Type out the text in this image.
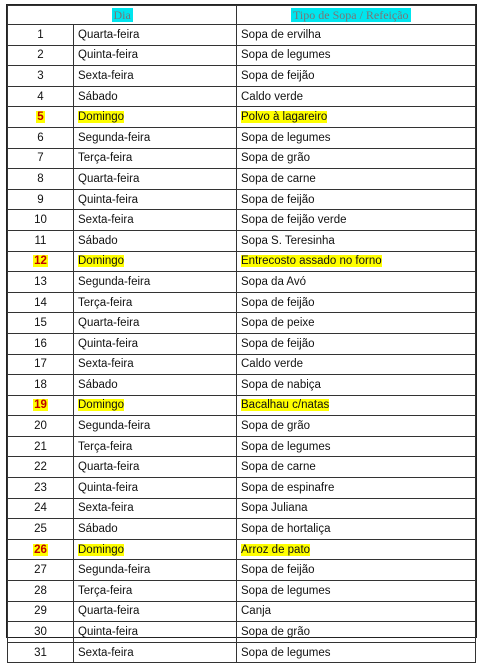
	Dia	Tipo de Sopa / Refeição
1	Quarta-feira	Sopa de ervilha
2	Quinta-feira	Sopa de legumes
3	Sexta-feira	Sopa de feijão
4	Sábado	Caldo verde
5	Domingo	Polvo à lagareiro
6	Segunda-feira	Sopa de legumes
7	Terça-feira	Sopa de grão
8	Quarta-feira	Sopa de carne
9	Quinta-feira	Sopa de feijão
10	Sexta-feira	Sopa de feijão verde
11	Sábado	Sopa S. Teresinha
12	Domingo	Entrecosto assado no forno
13	Segunda-feira	Sopa da Avó
14	Terça-feira	Sopa de feijão
15	Quarta-feira	Sopa de peixe
16	Quinta-feira	Sopa de feijão
17	Sexta-feira	Caldo verde
18	Sábado	Sopa de nabiça
19	Domingo	Bacalhau c/natas
20	Segunda-feira	Sopa de grão
21	Terça-feira	Sopa de legumes
22	Quarta-feira	Sopa de carne
23	Quinta-feira	Sopa de espinafre
24	Sexta-feira	Sopa Juliana
25	Sábado	Sopa de hortaliça
26	Domingo	Arroz de pato
27	Segunda-feira	Sopa de feijão
28	Terça-feira	Sopa de legumes
29	Quarta-feira	Canja
30	Quinta-feira	Sopa de grão
31	Sexta-feira	Sopa de legumes
